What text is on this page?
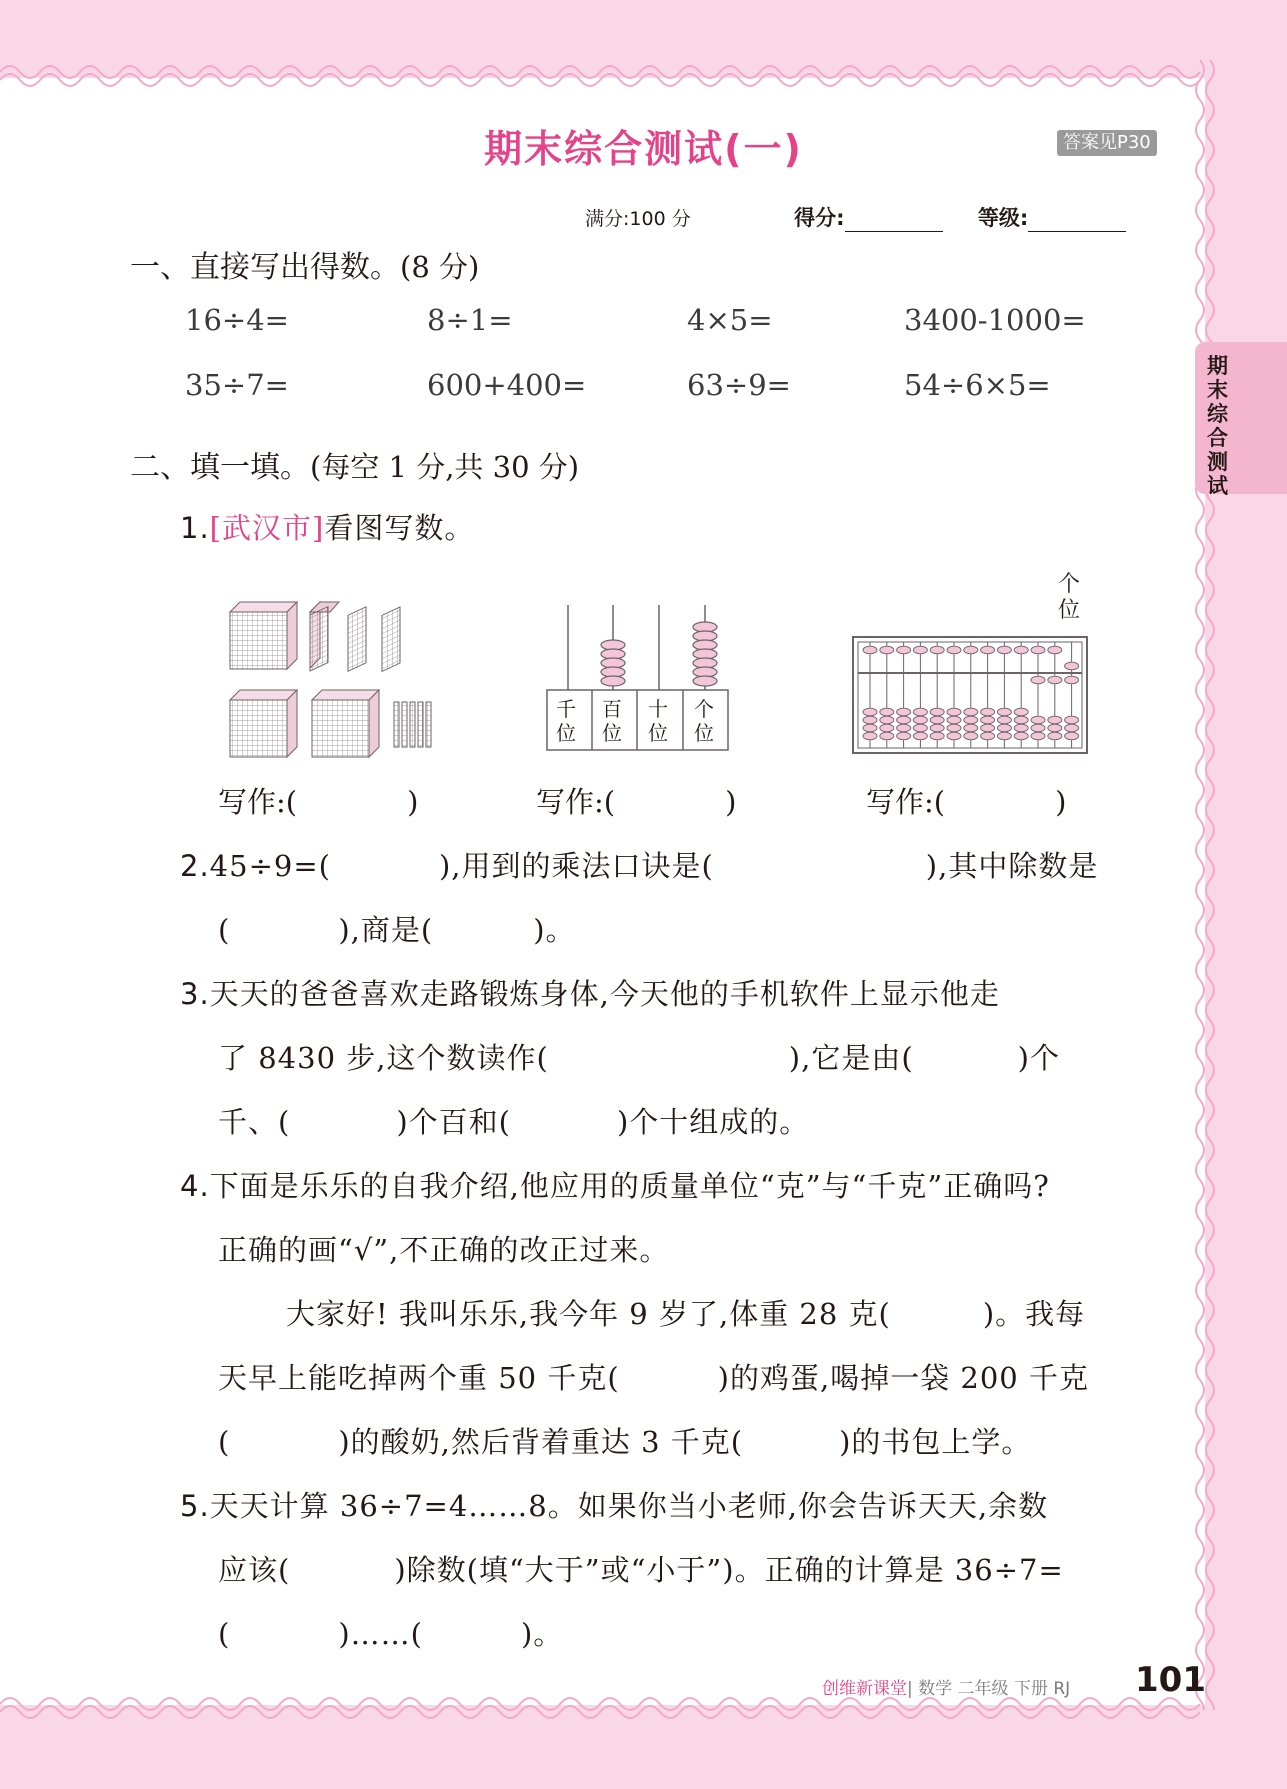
期末综合测试(一)	答案见P30
满分:100 分	得分:	等级:
期末综合测试
一、直接写出得数。(8 分)
16÷4=	8÷1=	4×5=	3400-1000=
35÷7=	600+400=	63÷9=	54÷6×5=
二、填一填。(每空 1 分,共 30 分)
1.[武汉市]看图写数。
千位
百位
十位
个位
个位
写作:(	)	写作:(	)	写作:(	)
2.45÷9=(	),用到的乘法口诀是(	),其中除数是
(	),商是(	)。
3.天天的爸爸喜欢走路锻炼身体,今天他的手机软件上显示他走
了 8430 步,这个数读作(	),它是由(	)个
千、(	)个百和(	)个十组成的。
4.下面是乐乐的自我介绍,他应用的质量单位“克”与“千克”正确吗?
正确的画“√”,不正确的改正过来。
大家好! 我叫乐乐,我今年 9 岁了,体重 28 克(	)。我每
天早上能吃掉两个重 50 千克(	)的鸡蛋,喝掉一袋 200 千克
(	)的酸奶,然后背着重达 3 千克(	)的书包上学。
5.天天计算 36÷7=4……8。如果你当小老师,你会告诉天天,余数
应该(	)除数(填“大于”或“小于”)。正确的计算是 36÷7=
(	)……(	)。
创维新课堂| 数学 二年级 下册 RJ 101
